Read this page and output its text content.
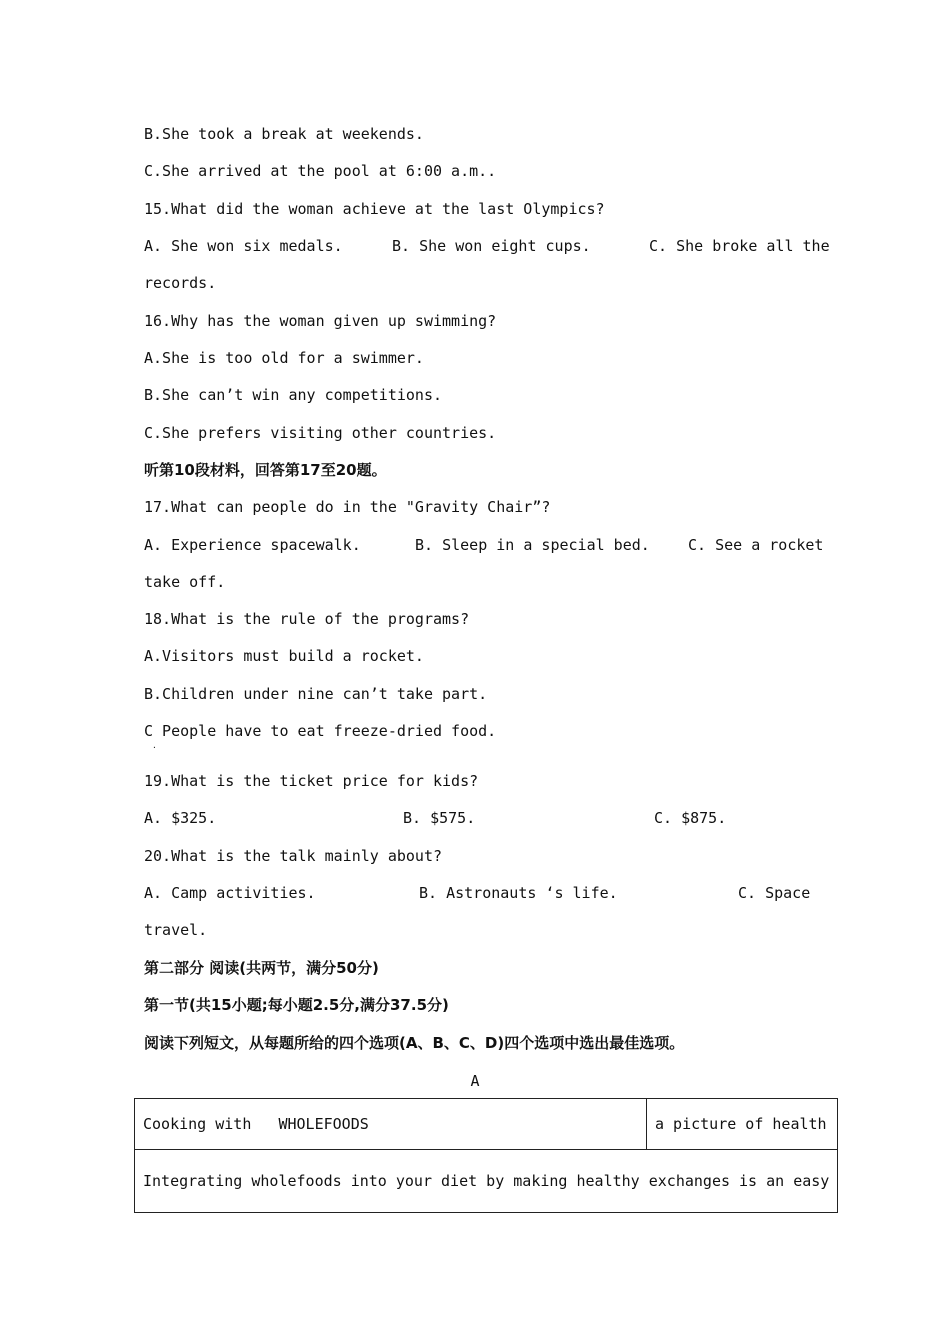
B.She took a break at weekends.
C.She arrived at the pool at 6:00 a.m..
15.What did the woman achieve at the last Olympics?
A. She won six medals.	B. She won eight cups.	C. She broke all the
records.
16.Why has the woman given up swimming?
A.She is too old for a swimmer.
B.She can’t win any competitions.
C.She prefers visiting other countries.
听第10段材料，回答第17至20题。
17.What can people do in the "Gravity Chair”?
A. Experience spacewalk.	B. Sleep in a special bed.	C. See a rocket
take off.
18.What is the rule of the programs?
A.Visitors must build a rocket.
B.Children under nine can’t take part.
C People have to eat freeze-dried food.
·
19.What is the ticket price for kids?
A. $325.	B. $575.	C. $875.
20.What is the talk mainly about?
A. Camp activities.	B. Astronauts ‘s life.	C. Space
travel.
第二部分 阅读(共两节，满分50分)
第一节(共15小题;每小题2.5分,满分37.5分)
阅读下列短文，从每题所给的四个选项(A、B、C、D)四个选项中选出最佳选项。
A
Cooking with   WHOLEFOODS	a picture of health
Integrating wholefoods into your diet by making healthy exchanges is an easy
